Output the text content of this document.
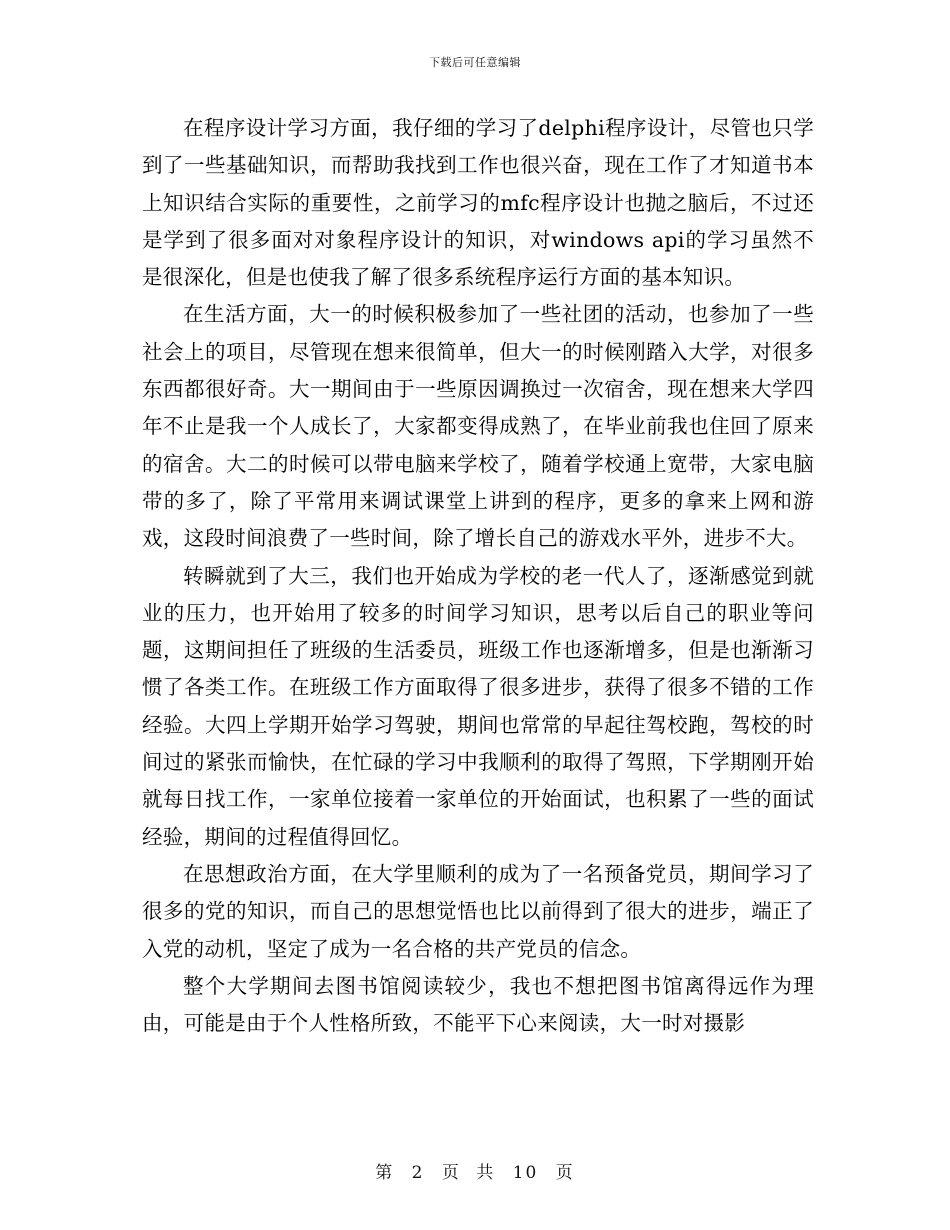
下载后可任意编辑

在程序设计学习方面，我仔细的学习了delphi程序设计，尽管也只学到了一些基础知识，而帮助我找到工作也很兴奋，现在工作了才知道书本上知识结合实际的重要性，之前学习的mfc程序设计也抛之脑后，不过还是学到了很多面对对象程序设计的知识，对windows api的学习虽然不是很深化，但是也使我了解了很多系统程序运行方面的基本知识。

在生活方面，大一的时候积极参加了一些社团的活动，也参加了一些社会上的项目，尽管现在想来很简单，但大一的时候刚踏入大学，对很多东西都很好奇。大一期间由于一些原因调换过一次宿舍，现在想来大学四年不止是我一个人成长了，大家都变得成熟了，在毕业前我也住回了原来的宿舍。大二的时候可以带电脑来学校了，随着学校通上宽带，大家电脑带的多了，除了平常用来调试课堂上讲到的程序，更多的拿来上网和游戏，这段时间浪费了一些时间，除了增长自己的游戏水平外，进步不大。

转瞬就到了大三，我们也开始成为学校的老一代人了，逐渐感觉到就业的压力，也开始用了较多的时间学习知识，思考以后自己的职业等问题，这期间担任了班级的生活委员，班级工作也逐渐增多，但是也渐渐习惯了各类工作。在班级工作方面取得了很多进步，获得了很多不错的工作经验。大四上学期开始学习驾驶，期间也常常的早起往驾校跑，驾校的时间过的紧张而愉快，在忙碌的学习中我顺利的取得了驾照，下学期刚开始就每日找工作，一家单位接着一家单位的开始面试，也积累了一些的面试经验，期间的过程值得回忆。

在思想政治方面，在大学里顺利的成为了一名预备党员，期间学习了很多的党的知识，而自己的思想觉悟也比以前得到了很大的进步，端正了入党的动机，坚定了成为一名合格的共产党员的信念。

整个大学期间去图书馆阅读较少，我也不想把图书馆离得远作为理由，可能是由于个人性格所致，不能平下心来阅读，大一时对摄影

第 2 页 共 10 页
